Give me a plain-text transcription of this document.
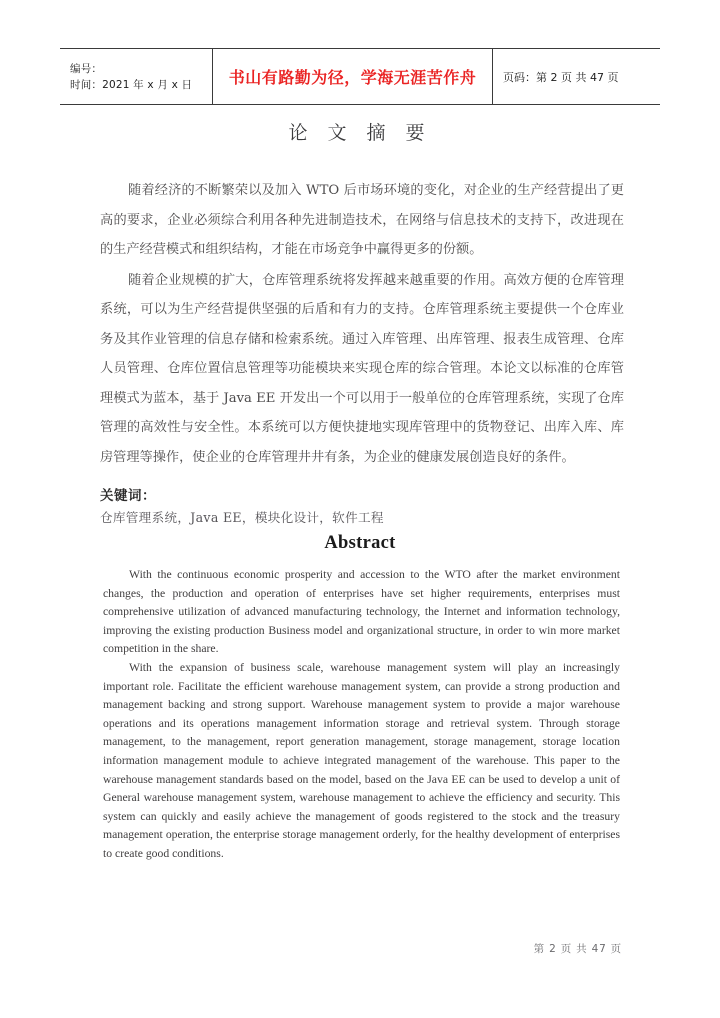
编号：
时间：2021 年 x 月 x 日	书山有路勤为径，学海无涯苦作舟 页码：第 2 页 共 47 页
论 文 摘 要

随着经济的不断繁荣以及加入 WTO 后市场环境的变化，对企业的生产经营提出了更高的要求，企业必须综合利用各种先进制造技术，在网络与信息技术的支持下，改进现在的生产经营模式和组织结构，才能在市场竞争中赢得更多的份额。

随着企业规模的扩大，仓库管理系统将发挥越来越重要的作用。高效方便的仓库管理系统，可以为生产经营提供坚强的后盾和有力的支持。仓库管理系统主要提供一个仓库业务及其作业管理的信息存储和检索系统。通过入库管理、出库管理、报表生成管理、仓库人员管理、仓库位置信息管理等功能模块来实现仓库的综合管理。本论文以标准的仓库管理模式为蓝本，基于 Java EE 开发出一个可以用于一般单位的仓库管理系统，实现了仓库管理的高效性与安全性。本系统可以方便快捷地实现库管理中的货物登记、出库入库、库房管理等操作，使企业的仓库管理井井有条，为企业的健康发展创造良好的条件。

关键词：
仓库管理系统，Java EE，模块化设计，软件工程
Abstract

With the continuous economic prosperity and accession to the WTO after the market environment changes, the production and operation of enterprises have set higher requirements, enterprises must comprehensive utilization of advanced manufacturing technology, the Internet and information technology, improving the existing production Business model and organizational structure, in order to win more market competition in the share.

With the expansion of business scale, warehouse management system will play an increasingly important role. Facilitate the efficient warehouse management system, can provide a strong production and management backing and strong support. Warehouse management system to provide a major warehouse operations and its operations management information storage and retrieval system. Through storage management, to the management, report generation management, storage management, storage location information management module to achieve integrated management of the warehouse. This paper to the warehouse management standards based on the model, based on the Java EE can be used to develop a unit of General warehouse management system, warehouse management to achieve the efficiency and security. This system can quickly and easily achieve the management of goods registered to the stock and the treasury management operation, the enterprise storage management orderly, for the healthy development of enterprises to create good conditions.

第 2 页 共 47 页
